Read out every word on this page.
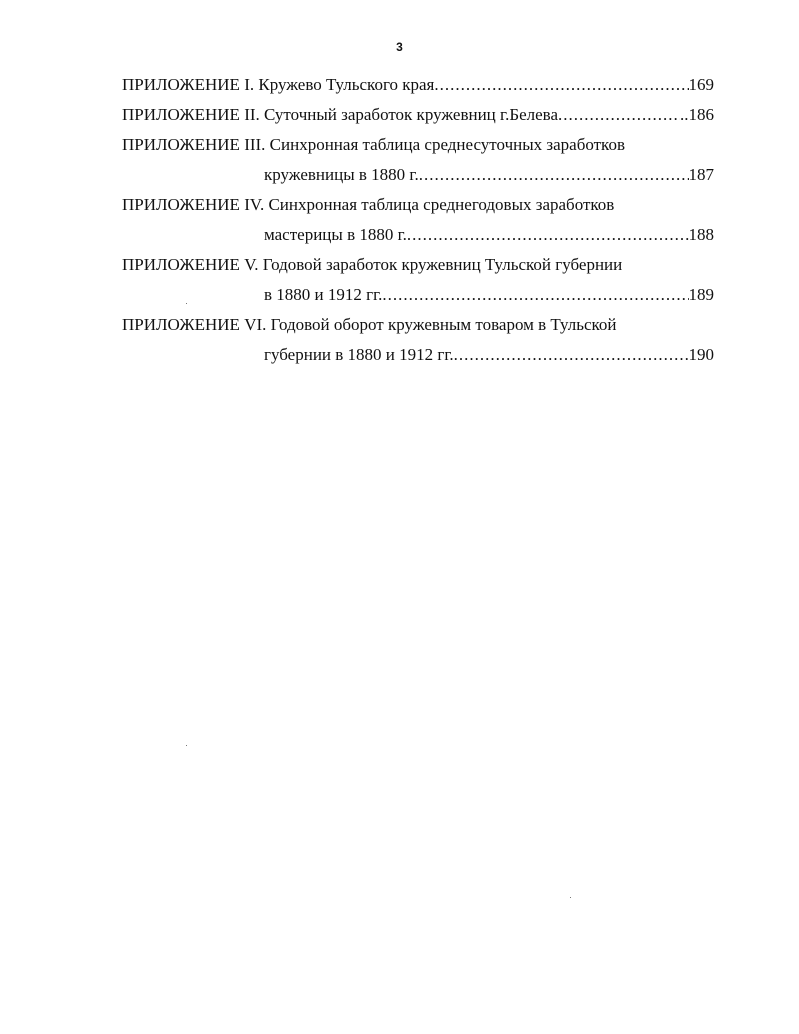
3
ПРИЛОЖЕНИЕ I. Кружево Тульского края .....	169
ПРИЛОЖЕНИЕ II. Суточный заработок кружевниц г.Белева .....	..186
ПРИЛОЖЕНИЕ III. Синхронная таблица среднесуточных заработков
кружевницы в 1880 г. .....	187
ПРИЛОЖЕНИЕ IV. Синхронная таблица среднегодовых заработков
мастерицы в 1880 г. .....	188
ПРИЛОЖЕНИЕ V. Годовой заработок кружевниц Тульской губернии
в 1880 и 1912 гг. .....	189
ПРИЛОЖЕНИЕ VI. Годовой оборот кружевным товаром в Тульской
губернии в 1880 и 1912 гг. .....	190
